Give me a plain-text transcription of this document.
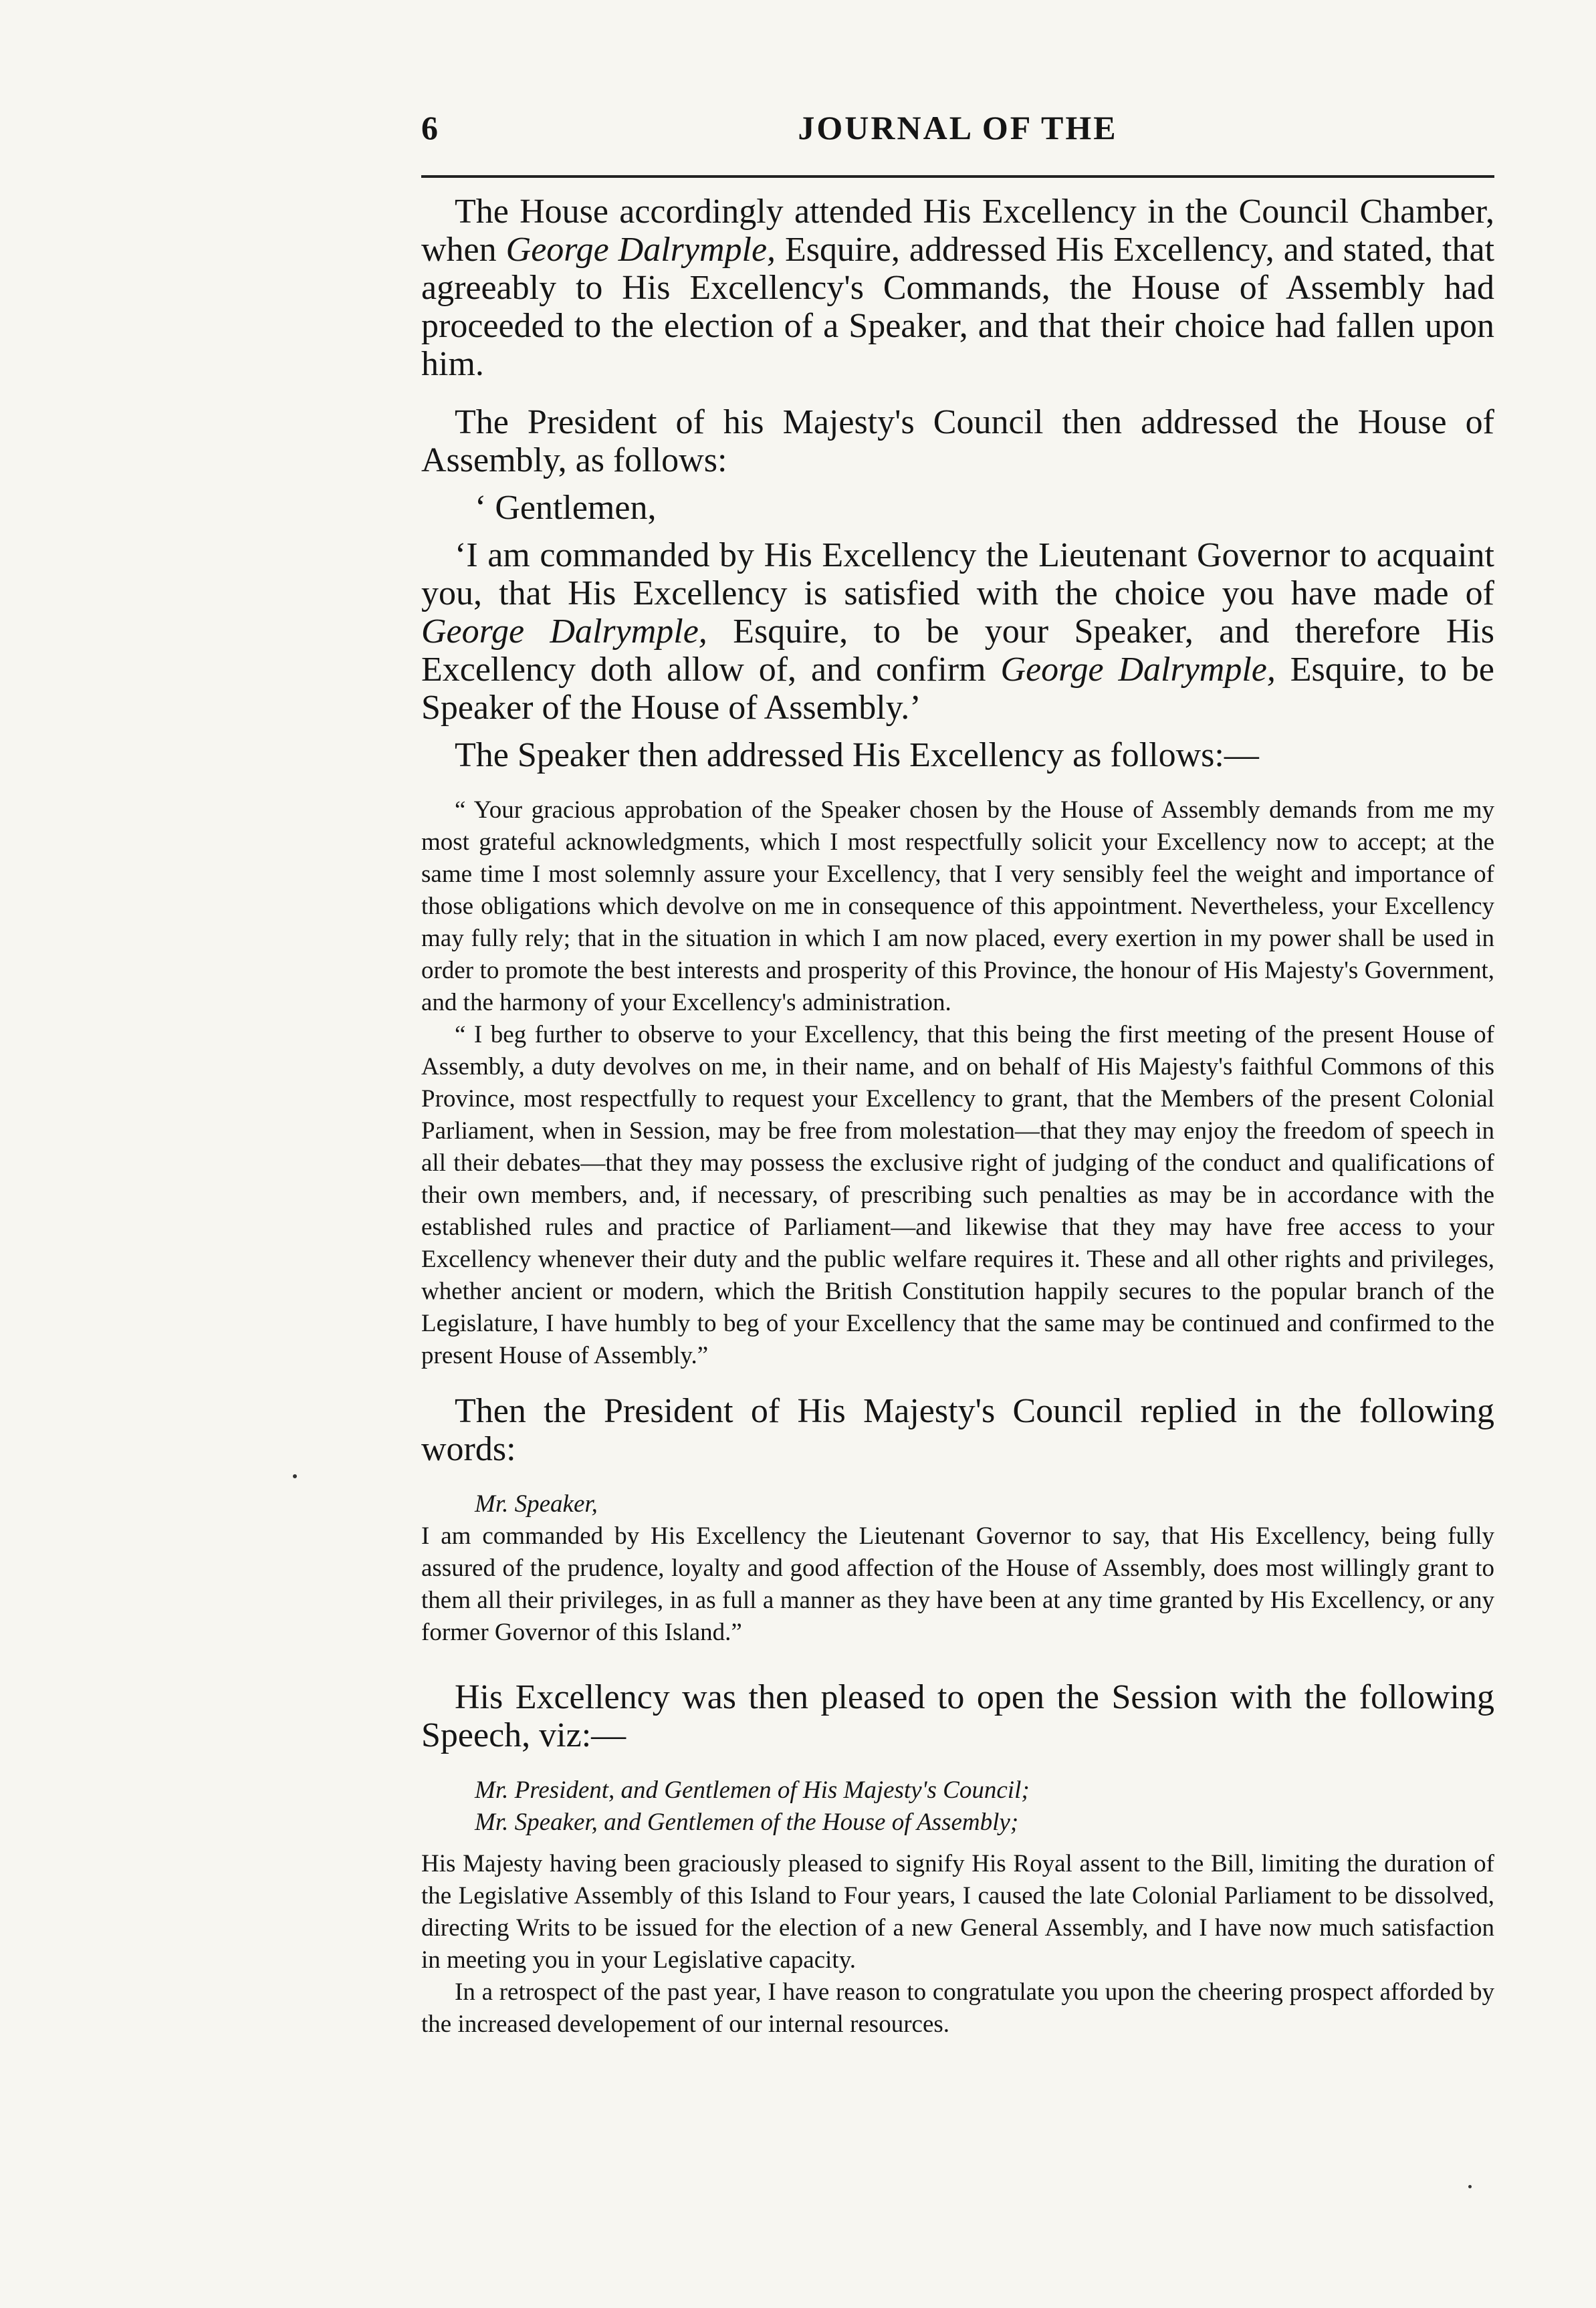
6	JOURNAL OF THE

The House accordingly attended His Excellency in the Council Chamber, when George Dalrymple, Esquire, addressed His Excellency, and stated, that agreeably to His Excellency's Commands, the House of Assembly had proceeded to the election of a Speaker, and that their choice had fallen upon him.

The President of his Majesty's Council then addressed the House of Assembly, as follows:

‘ Gentlemen,

‘I am commanded by His Excellency the Lieutenant Governor to acquaint you, that His Excellency is satisfied with the choice you have made of George Dalrymple, Esquire, to be your Speaker, and therefore His Excellency doth allow of, and confirm George Dalrymple, Esquire, to be Speaker of the House of Assembly.’

The Speaker then addressed His Excellency as follows:—

“ Your gracious approbation of the Speaker chosen by the House of Assembly demands from me my most grateful acknowledgments, which I most respectfully solicit your Excellency now to accept; at the same time I most solemnly assure your Excellency, that I very sensibly feel the weight and importance of those obligations which devolve on me in consequence of this appointment. Nevertheless, your Excellency may fully rely; that in the situation in which I am now placed, every exertion in my power shall be used in order to promote the best interests and prosperity of this Province, the honour of His Majesty's Government, and the harmony of your Excellency's administration.

“ I beg further to observe to your Excellency, that this being the first meeting of the present House of Assembly, a duty devolves on me, in their name, and on behalf of His Majesty's faithful Commons of this Province, most respectfully to request your Excellency to grant, that the Members of the present Colonial Parliament, when in Session, may be free from molestation—that they may enjoy the freedom of speech in all their debates—that they may possess the exclusive right of judging of the conduct and qualifications of their own members, and, if necessary, of prescribing such penalties as may be in accordance with the established rules and practice of Parliament—and likewise that they may have free access to your Excellency whenever their duty and the public welfare requires it. These and all other rights and privileges, whether ancient or modern, which the British Constitution happily secures to the popular branch of the Legislature, I have humbly to beg of your Excellency that the same may be continued and confirmed to the present House of Assembly.”

Then the President of His Majesty's Council replied in the following words:

Mr. Speaker,

I am commanded by His Excellency the Lieutenant Governor to say, that His Excellency, being fully assured of the prudence, loyalty and good affection of the House of Assembly, does most willingly grant to them all their privileges, in as full a manner as they have been at any time granted by His Excellency, or any former Governor of this Island.”

His Excellency was then pleased to open the Session with the following Speech, viz:—

Mr. President, and Gentlemen of His Majesty's Council;

Mr. Speaker, and Gentlemen of the House of Assembly;

His Majesty having been graciously pleased to signify His Royal assent to the Bill, limiting the duration of the Legislative Assembly of this Island to Four years, I caused the late Colonial Parliament to be dissolved, directing Writs to be issued for the election of a new General Assembly, and I have now much satisfaction in meeting you in your Legislative capacity.

In a retrospect of the past year, I have reason to congratulate you upon the cheering prospect afforded by the increased developement of our internal resources.
